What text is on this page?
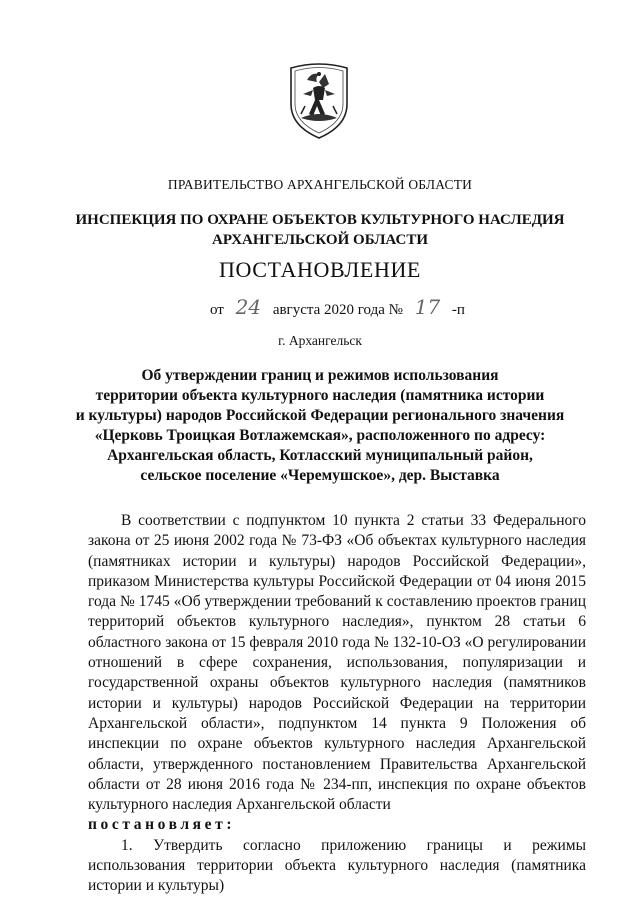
ПРАВИТЕЛЬСТВО АРХАНГЕЛЬСКОЙ ОБЛАСТИ
ИНСПЕКЦИЯ ПО ОХРАНЕ ОБЪЕКТОВ КУЛЬТУРНОГО НАСЛЕДИЯ
АРХАНГЕЛЬСКОЙ ОБЛАСТИ
ПОСТАНОВЛЕНИЕ
от 24 августа 2020 года № 17 -п
г. Архангельск
Об утверждении границ и режимов использования
территории объекта культурного наследия (памятника истории
и культуры) народов Российской Федерации регионального значения
«Церковь Троицкая Вотлажемская», расположенного по адресу:
Архангельская область, Котласский муниципальный район,
сельское поселение «Черемушское», дер. Выставка

В соответствии с подпунктом 10 пункта 2 статьи 33 Федерального закона от 25 июня 2002 года № 73-ФЗ «Об объектах культурного наследия (памятниках истории и культуры) народов Российской Федерации», приказом Министерства культуры Российской Федерации от 04 июня 2015 года № 1745 «Об утверждении требований к составлению проектов границ территорий объектов культурного наследия», пунктом 28 статьи 6 областного закона от 15 февраля 2010 года № 132-10-ОЗ «О регулировании отношений в сфере сохранения, использования, популяризации и государственной охраны объектов культурного наследия (памятников истории и культуры) народов Российской Федерации на территории Архангельской области», подпунктом 14 пункта 9 Положения об инспекции по охране объектов культурного наследия Архангельской области, утвержденного постановлением Правительства Архангельской области от 28 июня 2016 года № 234-пп, инспекция по охране объектов культурного наследия Архангельской области

постановляет:

1. Утвердить согласно приложению границы и режимы использования территории объекта культурного наследия (памятника истории и культуры)
